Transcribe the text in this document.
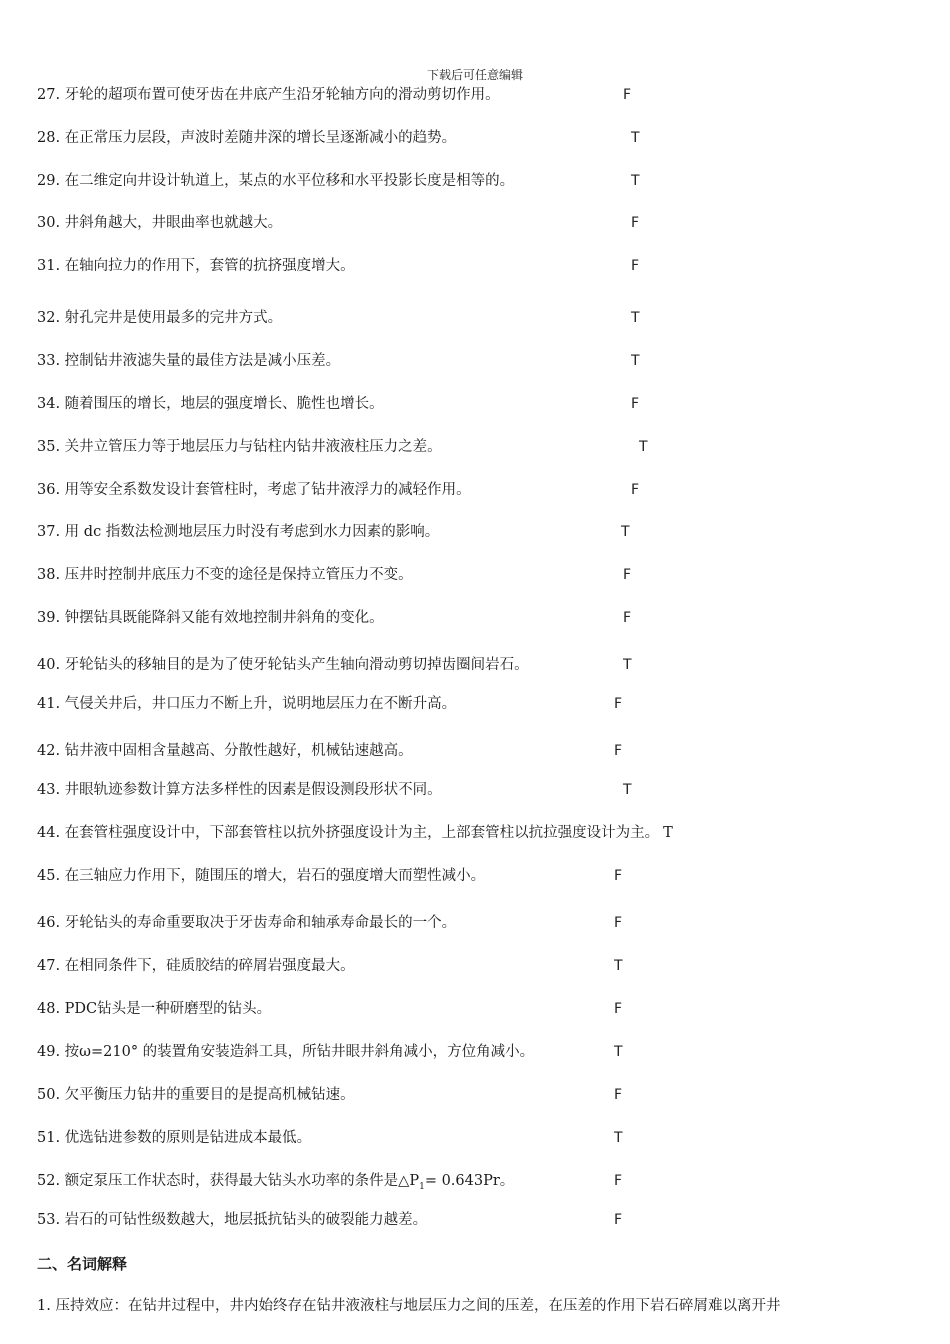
下载后可任意编辑
27. 牙轮的超项布置可使牙齿在井底产生沿牙轮轴方向的滑动剪切作用。	F
28. 在正常压力层段，声波时差随井深的增长呈逐渐减小的趋势。	T
29. 在二维定向井设计轨道上，某点的水平位移和水平投影长度是相等的。	T
30. 井斜角越大，井眼曲率也就越大。	F
31. 在轴向拉力的作用下，套管的抗挤强度增大。	F
32. 射孔完井是使用最多的完井方式。	T
33. 控制钻井液滤失量的最佳方法是减小压差。	T
34. 随着围压的增长，地层的强度增长、脆性也增长。	F
35. 关井立管压力等于地层压力与钻柱内钻井液液柱压力之差。	T
36. 用等安全系数发设计套管柱时，考虑了钻井液浮力的减轻作用。	F
37. 用 dc 指数法检测地层压力时没有考虑到水力因素的影响。	T
38. 压井时控制井底压力不变的途径是保持立管压力不变。	F
39. 钟摆钻具既能降斜又能有效地控制井斜角的变化。	F
40. 牙轮钻头的移轴目的是为了使牙轮钻头产生轴向滑动剪切掉齿圈间岩石。	T
41. 气侵关井后，井口压力不断上升，说明地层压力在不断升高。	F
42. 钻井液中固相含量越高、分散性越好，机械钻速越高。	F
43. 井眼轨迹参数计算方法多样性的因素是假设测段形状不同。	T
44. 在套管柱强度设计中，下部套管柱以抗外挤强度设计为主，上部套管柱以抗拉强度设计为主。 T
45. 在三轴应力作用下，随围压的增大，岩石的强度增大而塑性减小。	F
46. 牙轮钻头的寿命重要取决于牙齿寿命和轴承寿命最长的一个。	F
47. 在相同条件下，硅质胶结的碎屑岩强度最大。	T
48. PDC钻头是一种研磨型的钻头。	F
49. 按ω=210° 的装置角安装造斜工具，所钻井眼井斜角减小，方位角减小。	T
50. 欠平衡压力钻井的重要目的是提高机械钻速。	F
51. 优选钻进参数的原则是钻进成本最低。	T
52. 额定泵压工作状态时，获得最大钻头水功率的条件是$\triangle P_1= 0.643Pr$。	F
53. 岩石的可钻性级数越大，地层抵抗钻头的破裂能力越差。	F
二、名词解释
1. 压持效应：在钻井过程中，井内始终存在钻井液液柱与地层压力之间的压差，在压差的作用下岩石碎屑难以离开井
